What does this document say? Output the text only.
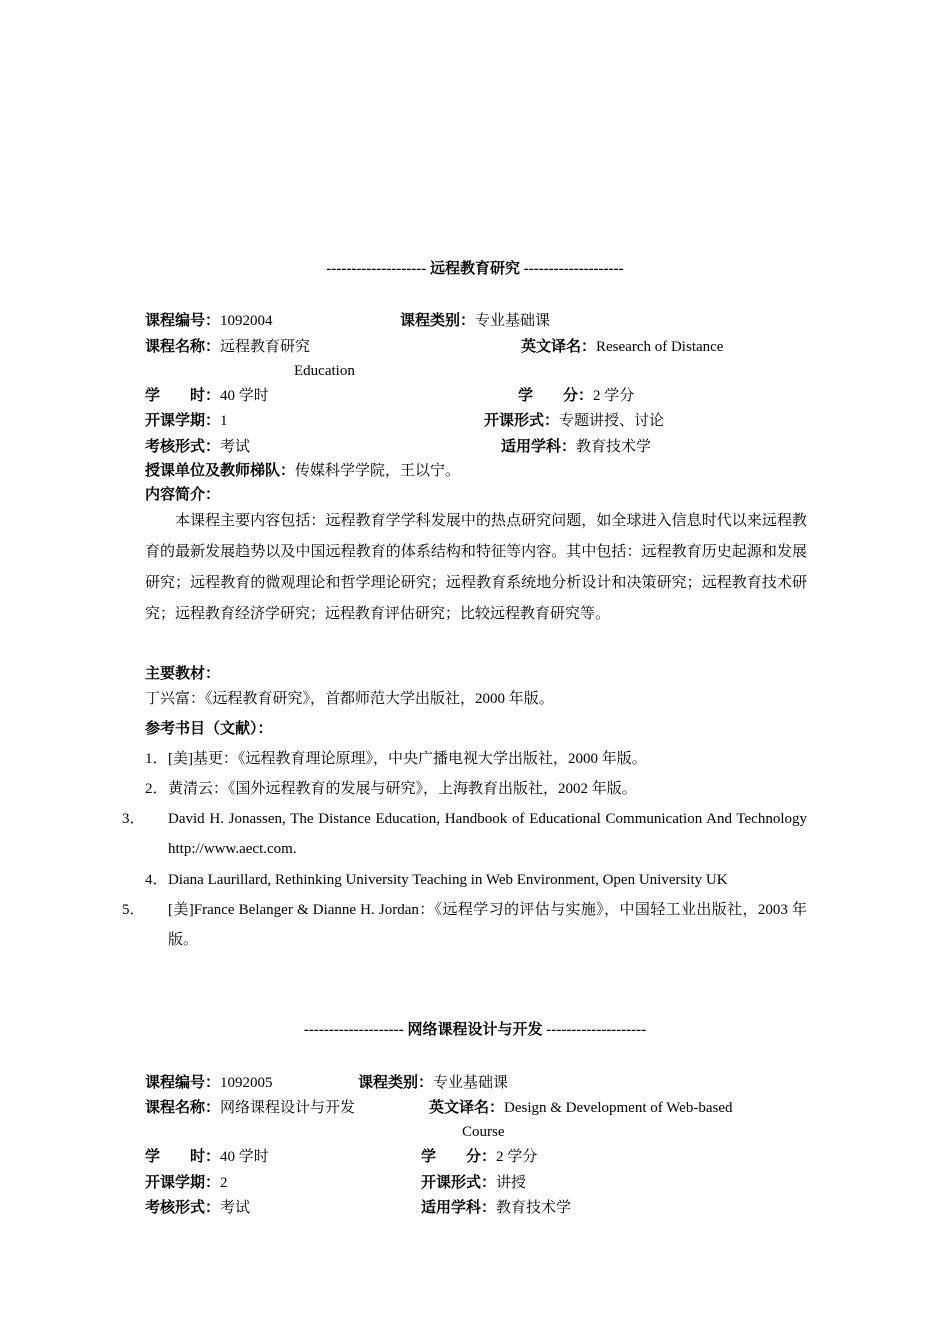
-------------------- 远程教育研究 --------------------
课程编号：1092004	课程类别：专业基础课
课程名称：远程教育研究	英文译名：Research of Distance
Education
学　　时：40 学时	学　　分：2 学分
开课学期：1	开课形式：专题讲授、讨论
考核形式：考试	适用学科：教育技术学
授课单位及教师梯队：传媒科学学院，王以宁。
内容简介：

本课程主要内容包括：远程教育学学科发展中的热点研究问题，如全球进入信息时代以来远程教育的最新发展趋势以及中国远程教育的体系结构和特征等内容。其中包括：远程教育历史起源和发展研究；远程教育的微观理论和哲学理论研究；远程教育系统地分析设计和决策研究；远程教育技术研究；远程教育经济学研究；远程教育评估研究；比较远程教育研究等。

主要教材：
丁兴富：《远程教育研究》，首都师范大学出版社，2000 年版。
参考书目（文献）：
1．[美]基更：《远程教育理论原理》，中央广播电视大学出版社，2000 年版。
2．黄清云：《国外远程教育的发展与研究》，上海教育出版社，2002 年版。
3． David H. Jonassen, The Distance Education, Handbook of Educational Communication And Technology http://www.aect.com.
4．Diana Laurillard, Rethinking University Teaching in Web Environment, Open University UK
5． [美]France Belanger & Dianne H. Jordan：《远程学习的评估与实施》，中国轻工业出版社，2003 年版。
-------------------- 网络课程设计与开发 --------------------
课程编号：1092005	课程类别：专业基础课
课程名称：网络课程设计与开发	英文译名：Design & Development of Web-based
Course
学　　时：40 学时	学　　分：2 学分
开课学期：2	开课形式：讲授
考核形式：考试	适用学科：教育技术学
